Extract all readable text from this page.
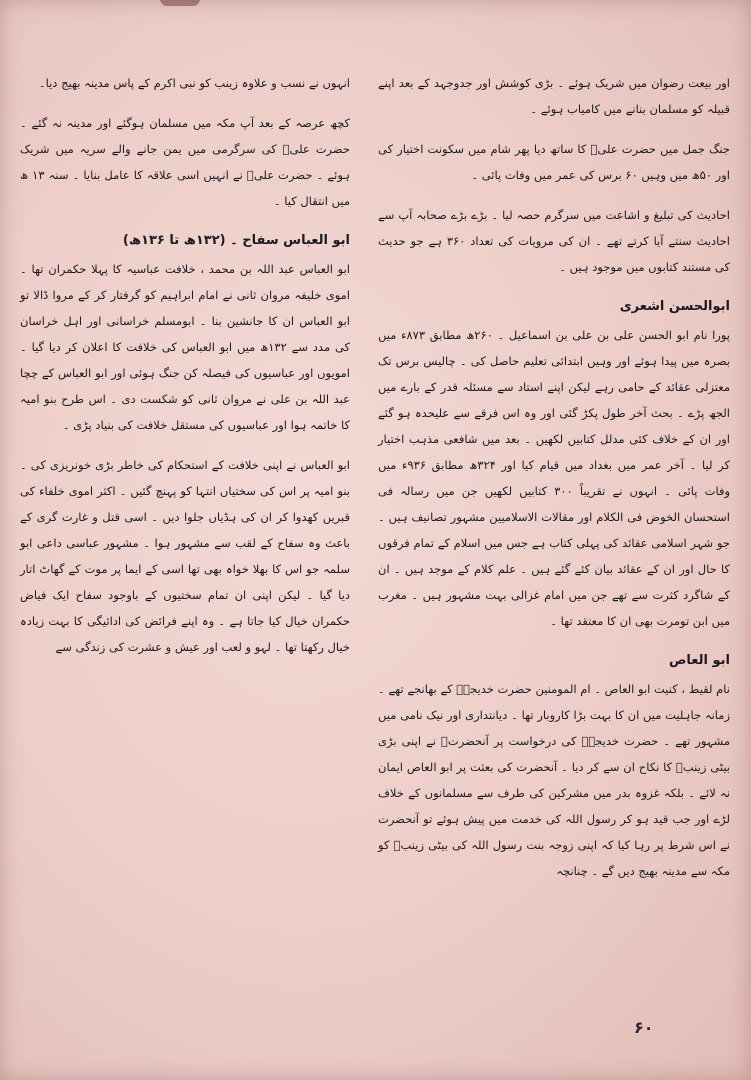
اور بیعت رضوان میں شریک ہوئے ۔ بڑی کوشش اور جدوجہد کے بعد اپنے قبیلہ کو مسلمان بنانے میں کامیاب ہوئے ۔

جنگ جمل میں حضرت علیؓ کا ساتھ دیا پھر شام میں سکونت اختیار کی اور ۵۰ھ میں وہیں ۶۰ برس کی عمر میں وفات پائی ۔

احادیث کی تبلیغ و اشاعت میں سرگرم حصہ لیا ۔ بڑے بڑے صحابہ آپ سے احادیث سنتے آیا کرتے تھے ۔ ان کی مرویات کی تعداد ۳۶۰ ہے جو حدیث کی مستند کتابوں میں موجود ہیں ۔

ابوالحسن اشعری

پورا نام ابو الحسن علی بن علی بن اسماعیل ۔ ۲۶۰ھ مطابق ۸۷۳ء میں بصرہ میں پیدا ہوئے اور وہیں ابتدائی تعلیم حاصل کی ۔ چالیس برس تک معتزلی عقائد کے حامی رہے لیکن اپنے استاد سے مسئلہ قدر کے بارے میں الجھ پڑے ۔ بحث آخر طول پکڑ گئی اور وہ اس فرقے سے علیحدہ ہو گئے اور ان کے خلاف کئی مدلل کتابیں لکھیں ۔ بعد میں شافعی مذہب اختیار کر لیا ۔ آخر عمر میں بغداد میں قیام کیا اور ۳۲۴ھ مطابق ۹۳۶ء میں وفات پائی ۔ انہوں نے تقریباً ۳۰۰ کتابیں لکھیں جن میں رسالہ فی استحسان الخوض فی الکلام اور مقالات الاسلامیین مشہور تصانیف ہیں ۔ جو شہر اسلامی عقائد کی پہلی کتاب ہے جس میں اسلام کے تمام فرقوں کا حال اور ان کے عقائد بیان کئے گئے ہیں ۔ علم کلام کے موجد ہیں ۔ ان کے شاگرد کثرت سے تھے جن میں امام غزالی بہت مشہور ہیں ۔ مغرب میں ابن تومرت بھی ان کا معتقد تھا ۔

ابو العاص

نام لقیط ، کنیت ابو العاص ۔ ام المومنین حضرت خدیجہؓ کے بھانجے تھے ۔ زمانہ جاہلیت میں ان کا بہت بڑا کاروبار تھا ۔ دیانتداری اور نیک نامی میں مشہور تھے ۔ حضرت خدیجہؓ کی درخواست پر آنحضرتؐ نے اپنی بڑی بیٹی زینبؓ کا نکاح ان سے کر دیا ۔ آنحضرت کی بعثت پر ابو العاص ایمان نہ لائے ۔ بلکہ غزوہ بدر میں مشرکین کی طرف سے مسلمانوں کے خلاف لڑے اور جب قید ہو کر رسول اللہ کی خدمت میں پیش ہوئے تو آنحضرت نے اس شرط پر رہا کیا کہ اپنی زوجہ بنت رسول اللہ کی بیٹی زینبؓ کو مکہ سے مدینہ بھیج دیں گے ۔ چنانچہ

انہوں نے نسب و علاوہ زینب کو نبی اکرم کے پاس مدینہ بھیج دیا۔

کچھ عرصہ کے بعد آپ مکہ میں مسلمان ہوگئے اور مدینہ نہ گئے ۔ حضرت علیؓ کی سرگرمی میں یمن جانے والے سریہ میں شریک ہوئے ۔ حضرت علیؓ نے انہیں اسی علاقہ کا عامل بنایا ۔ سنہ ۱۳ ھ میں انتقال کیا ۔

ابو العباس سفاح ۔ (۱۳۲ھ تا ۱۳۶ھ)

ابو العباس عبد اللہ بن محمد ، خلافت عباسیہ کا پہلا حکمران تھا ۔ اموی خلیفہ مروان ثانی نے امام ابراہیم کو گرفتار کر کے مروا ڈالا تو ابو العباس ان کا جانشین بنا ۔ ابومسلم خراسانی اور اہل خراسان کی مدد سے ۱۳۲ھ میں ابو العباس کی خلافت کا اعلان کر دیا گیا ۔ امویوں اور عباسیوں کی فیصلہ کن جنگ ہوئی اور ابو العباس کے چچا عبد اللہ بن علی نے مروان ثانی کو شکست دی ۔ اس طرح بنو امیہ کا خاتمہ ہوا اور عباسیوں کی مستقل خلافت کی بنیاد پڑی ۔

ابو العباس نے اپنی خلافت کے استحکام کی خاطر بڑی خونریزی کی ۔ بنو امیہ پر اس کی سختیاں انتہا کو پہنچ گئیں ۔ اکثر اموی خلفاء کی قبریں کھدوا کر ان کی ہڈیاں جلوا دیں ۔ اسی قتل و غارت گری کے باعث وہ سفاح کے لقب سے مشہور ہوا ۔ مشہور عباسی داعی ابو سلمہ جو اس کا بھلا خواہ بھی تھا اسی کے ایما پر موت کے گھاٹ اتار دیا گیا ۔ لیکن اپنی ان تمام سختیوں کے باوجود سفاح ایک فیاض حکمران خیال کیا جاتا ہے ۔ وہ اپنے فرائض کی ادائیگی کا بہت زیادہ خیال رکھتا تھا ۔ لہو و لعب اور عیش و عشرت کی زندگی سے

۶۰
